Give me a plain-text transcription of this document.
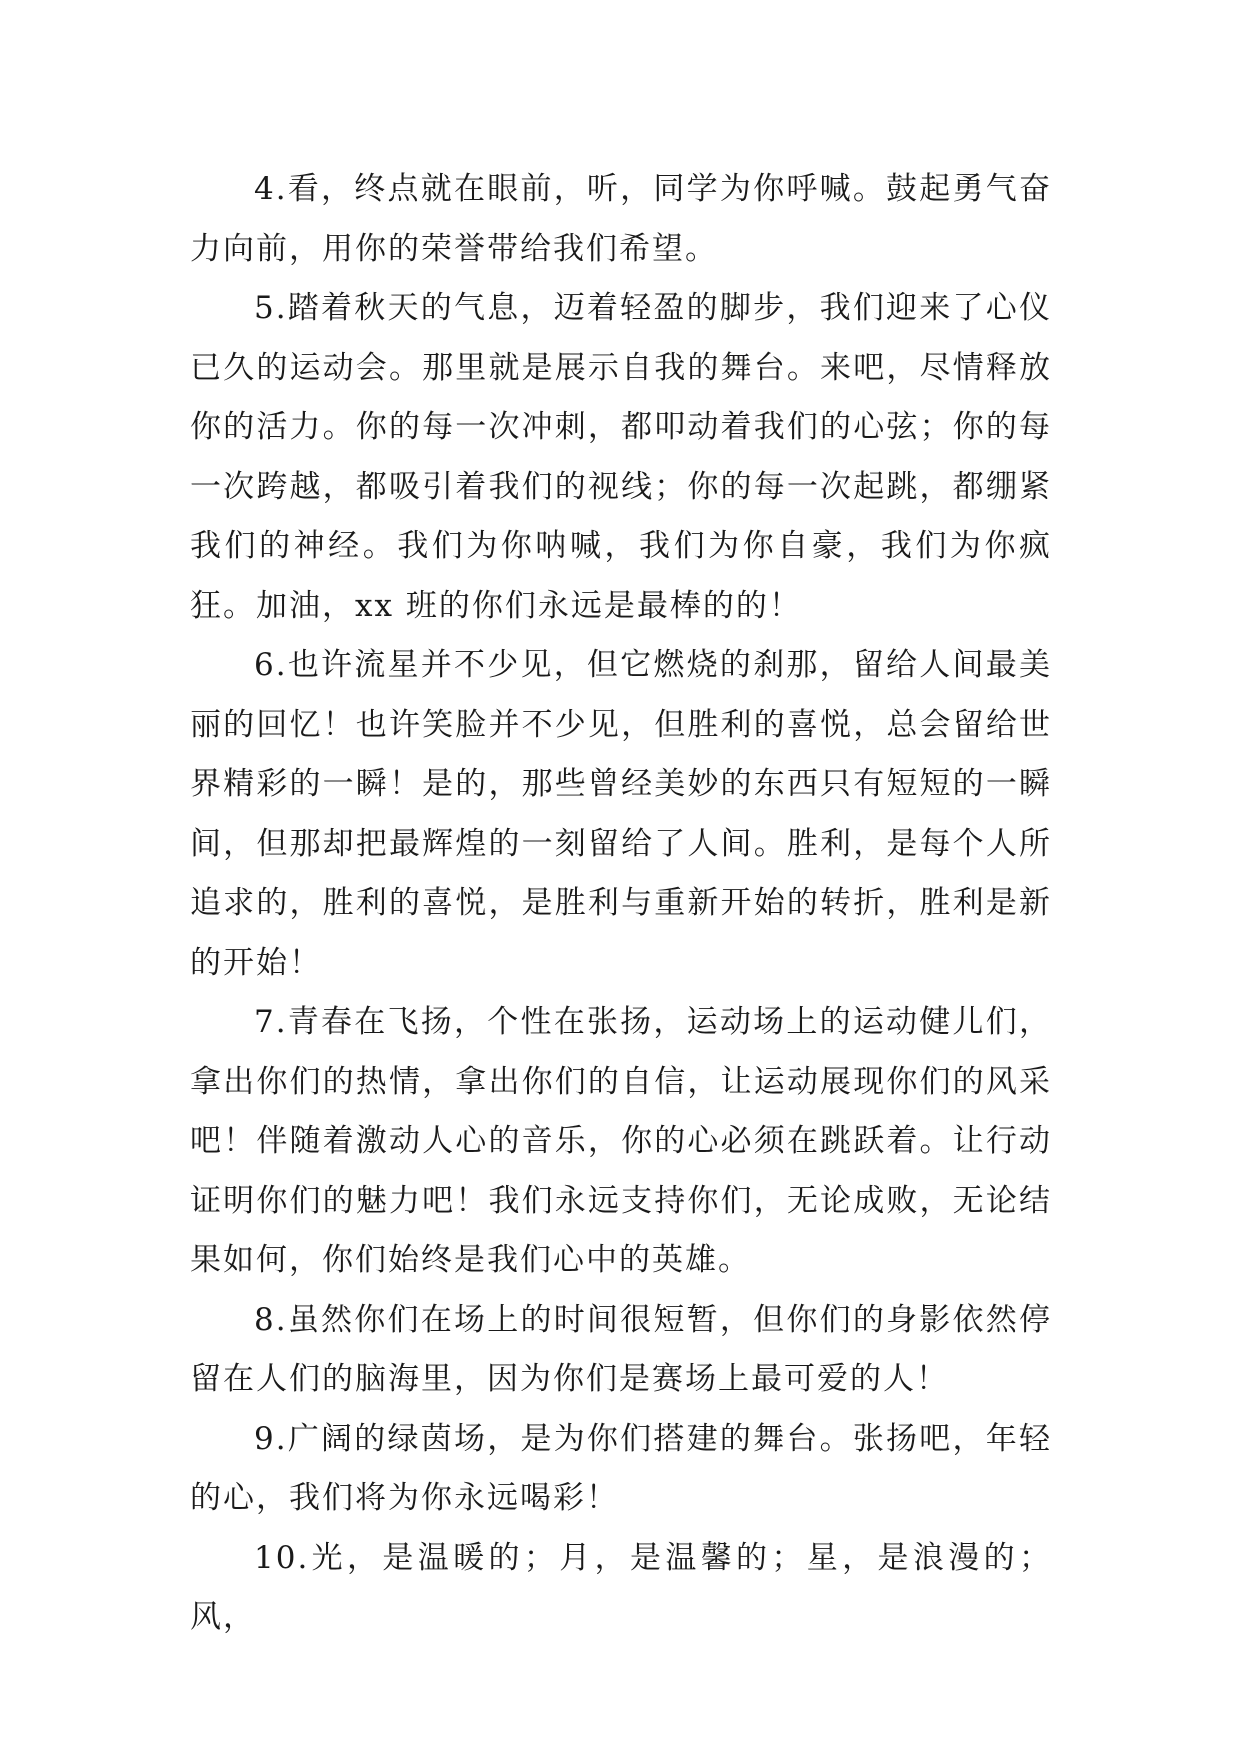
4.看，终点就在眼前，听，同学为你呼喊。鼓起勇气奋力向前，用你的荣誉带给我们希望。

5.踏着秋天的气息，迈着轻盈的脚步，我们迎来了心仪已久的运动会。那里就是展示自我的舞台。来吧，尽情释放你的活力。你的每一次冲刺，都叩动着我们的心弦；你的每一次跨越，都吸引着我们的视线；你的每一次起跳，都绷紧我们的神经。我们为你呐喊，我们为你自豪，我们为你疯狂。加油，xx 班的你们永远是最棒的的！

6.也许流星并不少见，但它燃烧的刹那，留给人间最美丽的回忆！也许笑脸并不少见，但胜利的喜悦，总会留给世界精彩的一瞬！是的，那些曾经美妙的东西只有短短的一瞬间，但那却把最辉煌的一刻留给了人间。胜利，是每个人所追求的，胜利的喜悦，是胜利与重新开始的转折，胜利是新的开始！

7.青春在飞扬，个性在张扬，运动场上的运动健儿们，拿出你们的热情，拿出你们的自信，让运动展现你们的风采吧！伴随着激动人心的音乐，你的心必须在跳跃着。让行动证明你们的魅力吧！我们永远支持你们，无论成败，无论结果如何，你们始终是我们心中的英雄。

8.虽然你们在场上的时间很短暂，但你们的身影依然停留在人们的脑海里，因为你们是赛场上最可爱的人！

9.广阔的绿茵场，是为你们搭建的舞台。张扬吧，年轻的心，我们将为你永远喝彩！

10.光，是温暖的；月，是温馨的；星，是浪漫的；风，
